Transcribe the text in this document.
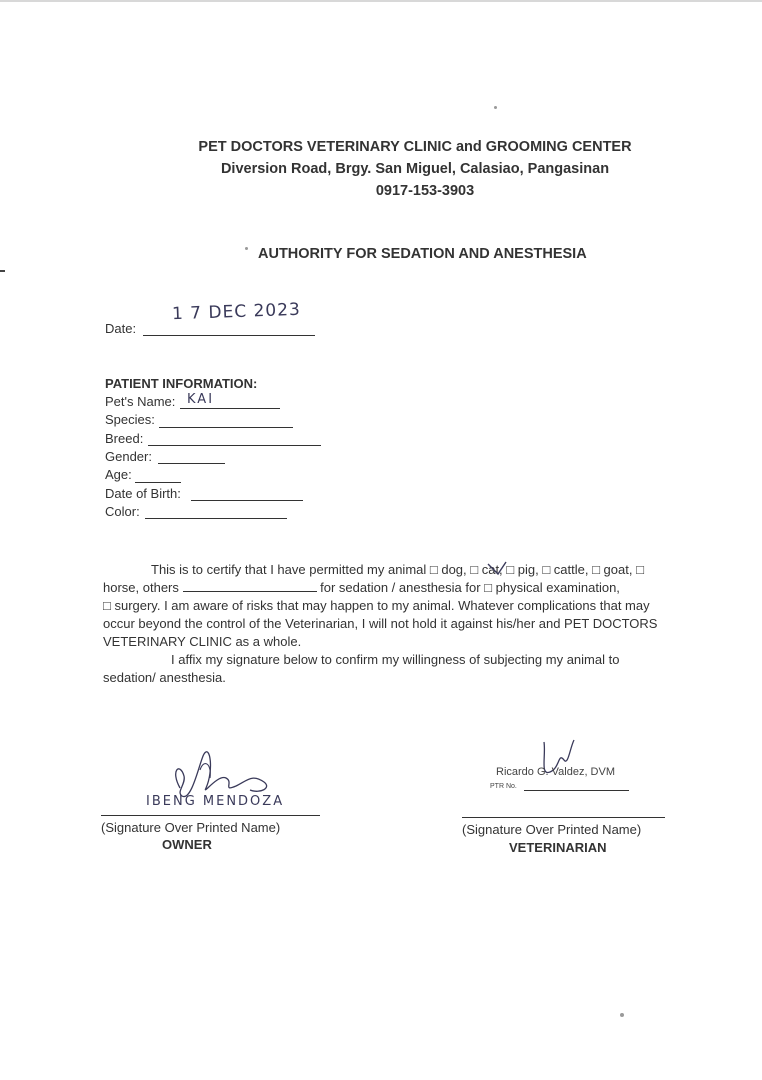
PET DOCTORS VETERINARY CLINIC and GROOMING CENTER
Diversion Road, Brgy. San Miguel, Calasiao, Pangasinan
0917-153-3903
AUTHORITY FOR SEDATION AND ANESTHESIA
Date:
1 7 DEC 2023
PATIENT INFORMATION:
Pet's Name: KAI
Species:
Breed:
Gender:
Age:
Date of Birth:
Color:

This is to certify that I have permitted my animal □ dog, □ cat, □ pig, □ cattle, □ goat, □

horse, others	for sedation / anesthesia for □ physical examination,

□ surgery. I am aware of risks that may happen to my animal. Whatever complications that may

occur beyond the control of the Veterinarian, I will not hold it against his/her and PET DOCTORS

VETERINARY CLINIC as a whole.

I affix my signature below to confirm my willingness of subjecting my animal to

sedation/ anesthesia.

IBENG MENDOZA
(Signature Over Printed Name)
OWNER
Ricardo G. Valdez, DVM
PTR No.
(Signature Over Printed Name)
VETERINARIAN
